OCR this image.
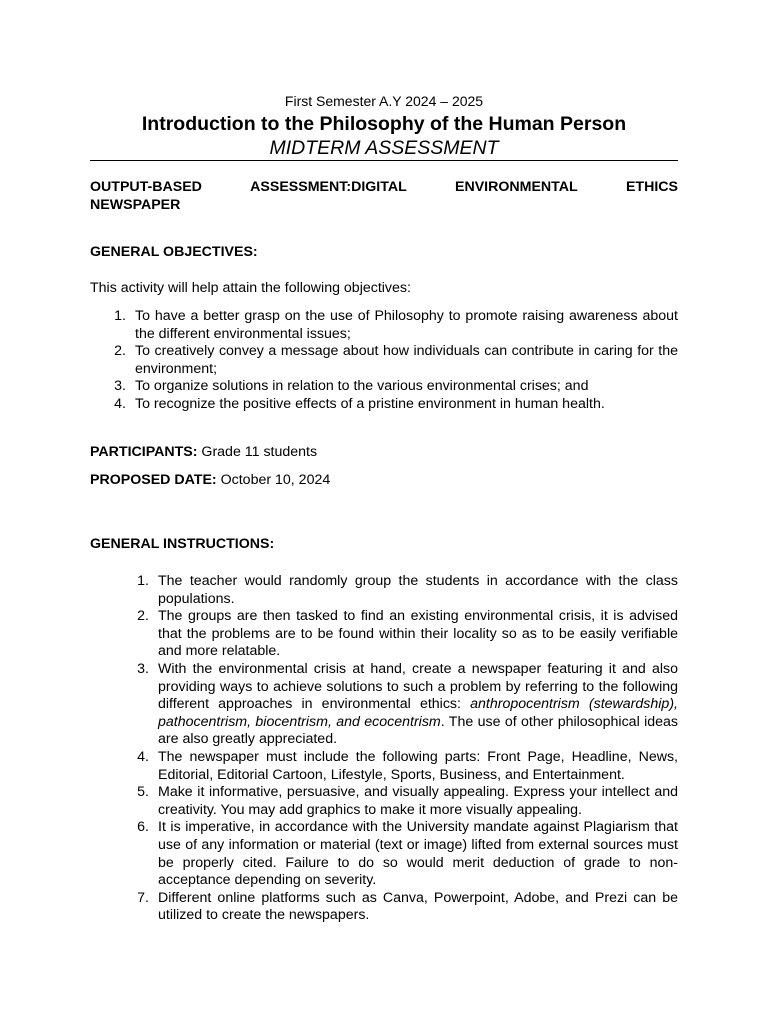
First Semester A.Y 2024 – 2025
Introduction to the Philosophy of the Human Person
MIDTERM ASSESSMENT
OUTPUT-BASED	ASSESSMENT:DIGITAL	ENVIRONMENTAL	ETHICS
NEWSPAPER
GENERAL OBJECTIVES:
This activity will help attain the following objectives:
1. To have a better grasp on the use of Philosophy to promote raising awareness about the different environmental issues;
2. To creatively convey a message about how individuals can contribute in caring for the environment;
3. To organize solutions in relation to the various environmental crises; and
4. To recognize the positive effects of a pristine environment in human health.
PARTICIPANTS: Grade 11 students
PROPOSED DATE: October 10, 2024
GENERAL INSTRUCTIONS:
1. The teacher would randomly group the students in accordance with the class populations.
2. The groups are then tasked to find an existing environmental crisis, it is advised that the problems are to be found within their locality so as to be easily verifiable and more relatable.
3. With the environmental crisis at hand, create a newspaper featuring it and also providing ways to achieve solutions to such a problem by referring to the following different approaches in environmental ethics: anthropocentrism (stewardship), pathocentrism, biocentrism, and ecocentrism. The use of other philosophical ideas are also greatly appreciated.
4. The newspaper must include the following parts: Front Page, Headline, News, Editorial, Editorial Cartoon, Lifestyle, Sports, Business, and Entertainment.
5. Make it informative, persuasive, and visually appealing. Express your intellect and creativity. You may add graphics to make it more visually appealing.
6. It is imperative, in accordance with the University mandate against Plagiarism that use of any information or material (text or image) lifted from external sources must be properly cited. Failure to do so would merit deduction of grade to non-acceptance depending on severity.
7. Different online platforms such as Canva, Powerpoint, Adobe, and Prezi can be utilized to create the newspapers.
